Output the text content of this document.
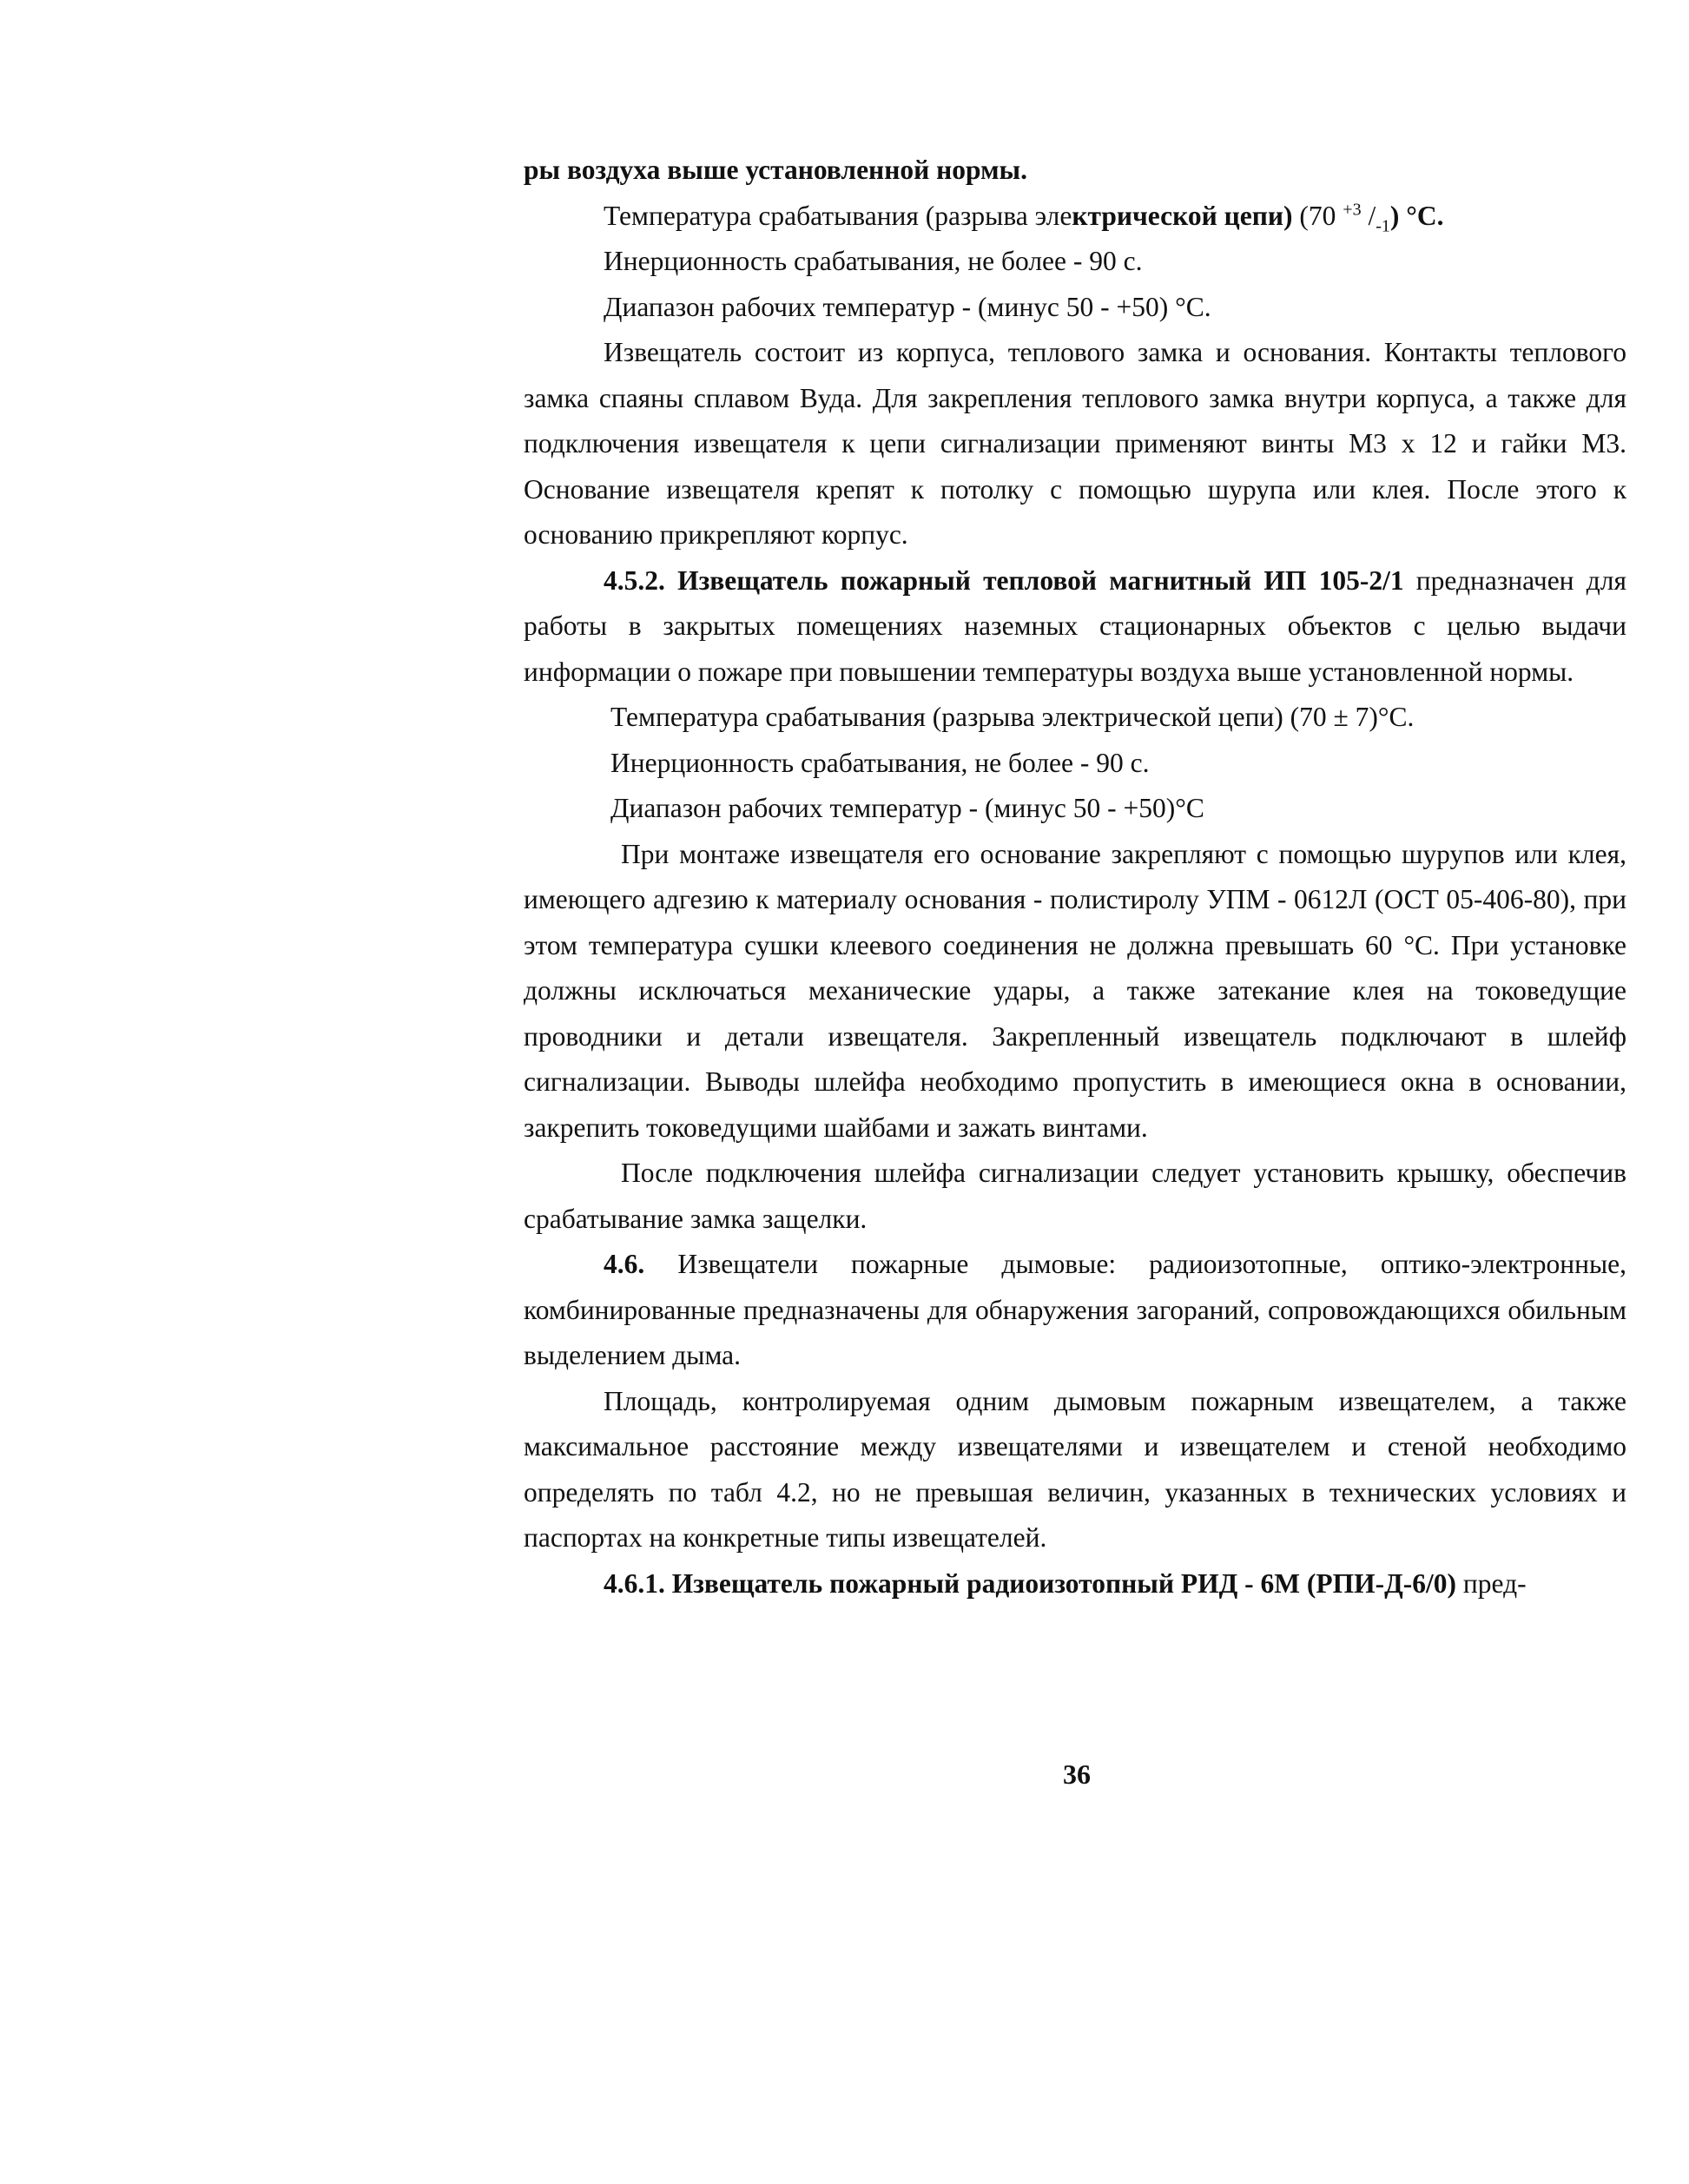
ры воздуха выше установленной нормы.

Температура срабатывания (разрыва электрической цепи) (70 $^{+3}$ $/_{-1}$) °С.

Инерционность срабатывания, не более - 90 с.

Диапазон рабочих температур - (минус 50 - +50) °С.

Извещатель состоит из корпуса, теплового замка и основания. Контакты теплового замка спаяны сплавом Вуда. Для закрепления теплового замка внутри корпуса, а также для подключения извещателя к цепи сигнализации применяют винты М3 х 12 и гайки М3. Основание извещателя крепят к потолку с помощью шурупа или клея. После этого к основанию прикрепляют корпус.

4.5.2. Извещатель пожарный тепловой магнитный ИП 105-2/1 предназначен для работы в закрытых помещениях наземных стационарных объектов с целью выдачи информации о пожаре при повышении температуры воздуха выше установленной нормы.

Температура срабатывания (разрыва электрической цепи) (70 ± 7)°С.

Инерционность срабатывания, не более - 90 с.

Диапазон рабочих температур - (минус 50 - +50)°С

При монтаже извещателя его основание закрепляют с помощью шурупов или клея, имеющего адгезию к материалу основания - полистиролу УПМ - 0612Л (ОСТ 05-406-80), при этом температура сушки клеевого соединения не должна превышать 60 °С. При установке должны исключаться механические удары, а также затекание клея на токоведущие проводники и детали извещателя. Закрепленный извещатель подключают в шлейф сигнализации. Выводы шлейфа необходимо пропустить в имеющиеся окна в основании, закрепить токоведущими шайбами и зажать винтами.

После подключения шлейфа сигнализации следует установить крышку, обеспечив срабатывание замка защелки.

4.6. Извещатели пожарные дымовые: радиоизотопные, оптико-электронные, комбинированные предназначены для обнаружения загораний, сопровождающихся обильным выделением дыма.

Площадь, контролируемая одним дымовым пожарным извещателем, а также максимальное расстояние между извещателями и извещателем и стеной необходимо определять по табл 4.2, но не превышая величин, указанных в технических условиях и паспортах на конкретные типы извещателей.

4.6.1. Извещатель пожарный радиоизотопный РИД - 6М (РПИ-Д-6/0) пред-

36
